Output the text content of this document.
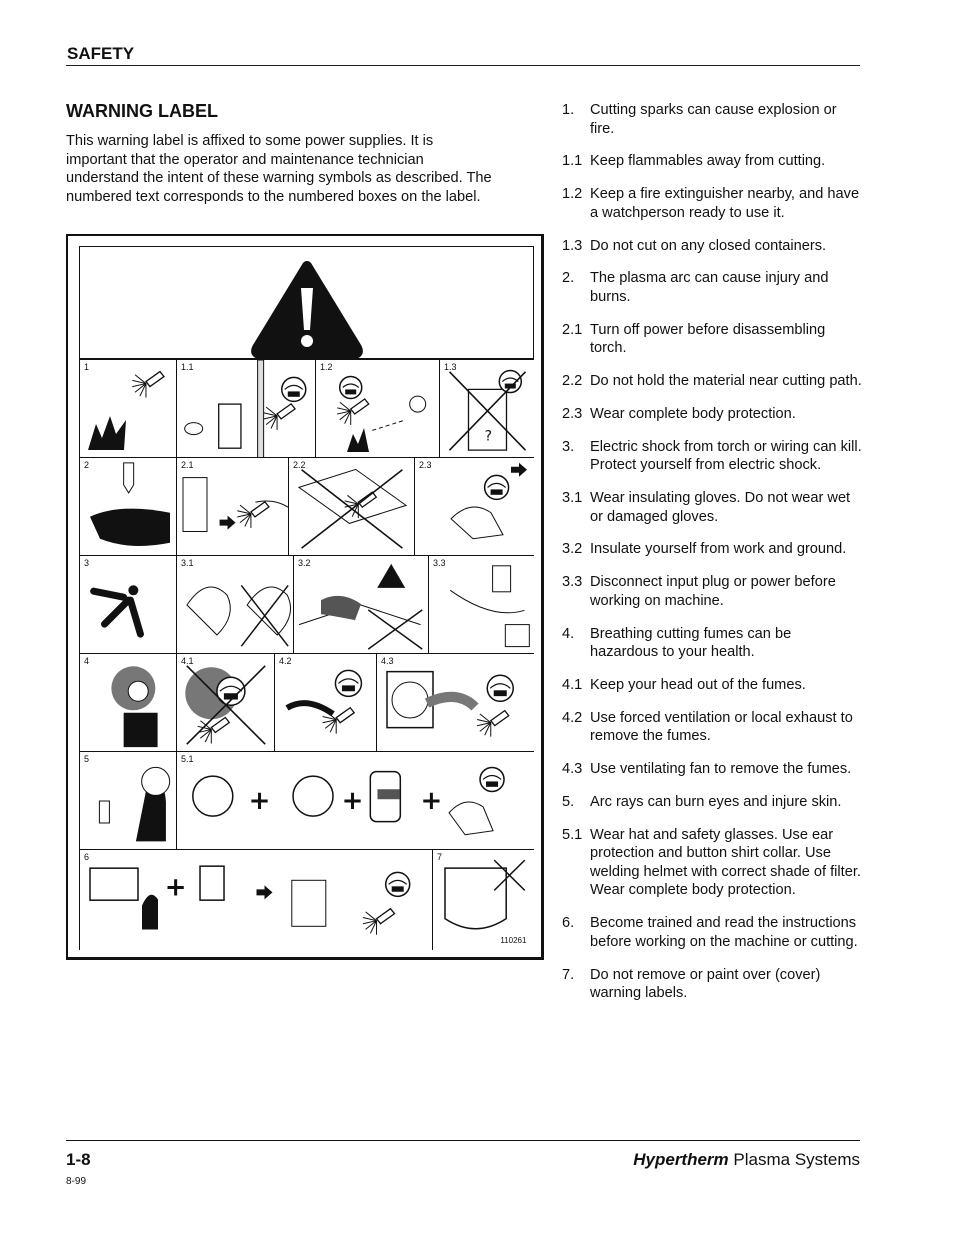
SAFETY
WARNING LABEL
This warning label is affixed to some power supplies. It is important that the operator and maintenance technician understand the intent of these warning symbols as described. The numbered text corresponds to the numbered boxes on the label.
1	1.1	1.2
?
1.3
2	2.1	2.2	2.3
3	3.1	3.2	3.3
4	4.1	4.2	4.3
5
+	+ +
5.1
+
6
110261
7
1. Cutting sparks can cause explosion or fire.
1.1 Keep flammables away from cutting.
1.2 Keep a fire extinguisher nearby, and have a watchperson ready to use it.
1.3 Do not cut on any closed containers.
2. The plasma arc can cause injury and burns.
2.1 Turn off power before disassembling torch.
2.2 Do not hold the material near cutting path.
2.3 Wear complete body protection.
3. Electric shock from torch or wiring can kill. Protect yourself from electric shock.
3.1 Wear insulating gloves. Do not wear wet or damaged gloves.
3.2 Insulate yourself from work and ground.
3.3 Disconnect input plug or power before working on machine.
4. Breathing cutting fumes can be hazardous to your health.
4.1 Keep your head out of the fumes.
4.2 Use forced ventilation or local exhaust to remove the fumes.
4.3 Use ventilating fan to remove the fumes.
5. Arc rays can burn eyes and injure skin.
5.1 Wear hat and safety glasses. Use ear protection and button shirt collar. Use welding helmet with correct shade of filter. Wear complete body protection.
6. Become trained and read the instructions before working on the machine or cutting.
7. Do not remove or paint over (cover) warning labels.
1-8
8-99
Hypertherm Plasma Systems
